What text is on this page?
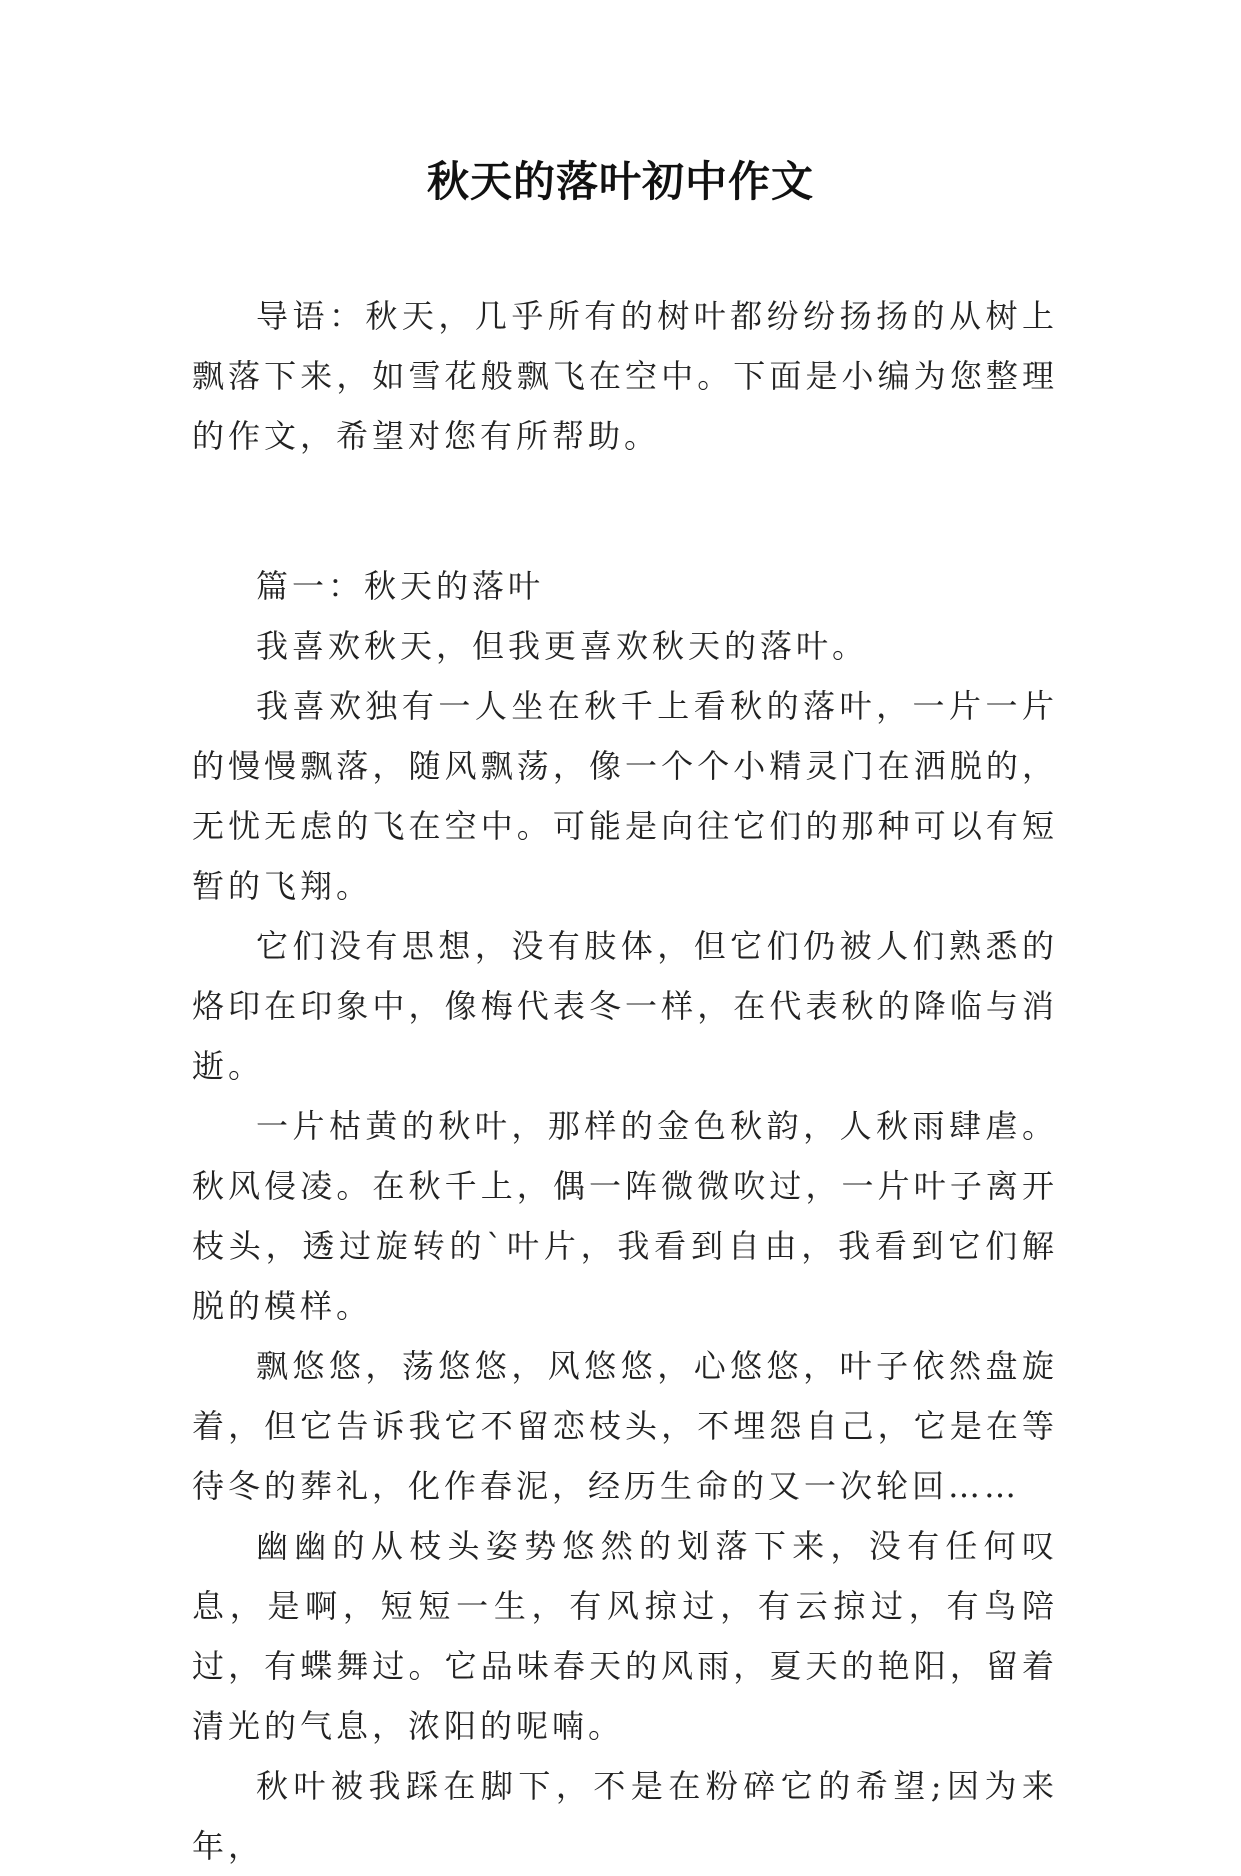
秋天的落叶初中作文

导语：秋天，几乎所有的树叶都纷纷扬扬的从树上飘落下来，如雪花般飘飞在空中。下面是小编为您整理的作文，希望对您有所帮助。

篇一：秋天的落叶

我喜欢秋天，但我更喜欢秋天的落叶。

我喜欢独有一人坐在秋千上看秋的落叶，一片一片的慢慢飘落，随风飘荡，像一个个小精灵门在洒脱的，无忧无虑的飞在空中。可能是向往它们的那种可以有短暂的飞翔。

它们没有思想，没有肢体，但它们仍被人们熟悉的烙印在印象中，像梅代表冬一样，在代表秋的降临与消逝。

一片枯黄的秋叶，那样的金色秋韵，人秋雨肆虐。秋风侵凌。在秋千上，偶一阵微微吹过，一片叶子离开枝头，透过旋转的`叶片，我看到自由，我看到它们解脱的模样。

飘悠悠，荡悠悠，风悠悠，心悠悠，叶子依然盘旋着，但它告诉我它不留恋枝头，不埋怨自己，它是在等待冬的葬礼，化作春泥，经历生命的又一次轮回……

幽幽的从枝头姿势悠然的划落下来，没有任何叹息，是啊，短短一生，有风掠过，有云掠过，有鸟陪过，有蝶舞过。它品味春天的风雨，夏天的艳阳，留着清光的气息，浓阳的呢喃。

秋叶被我踩在脚下，不是在粉碎它的希望;因为来年，
